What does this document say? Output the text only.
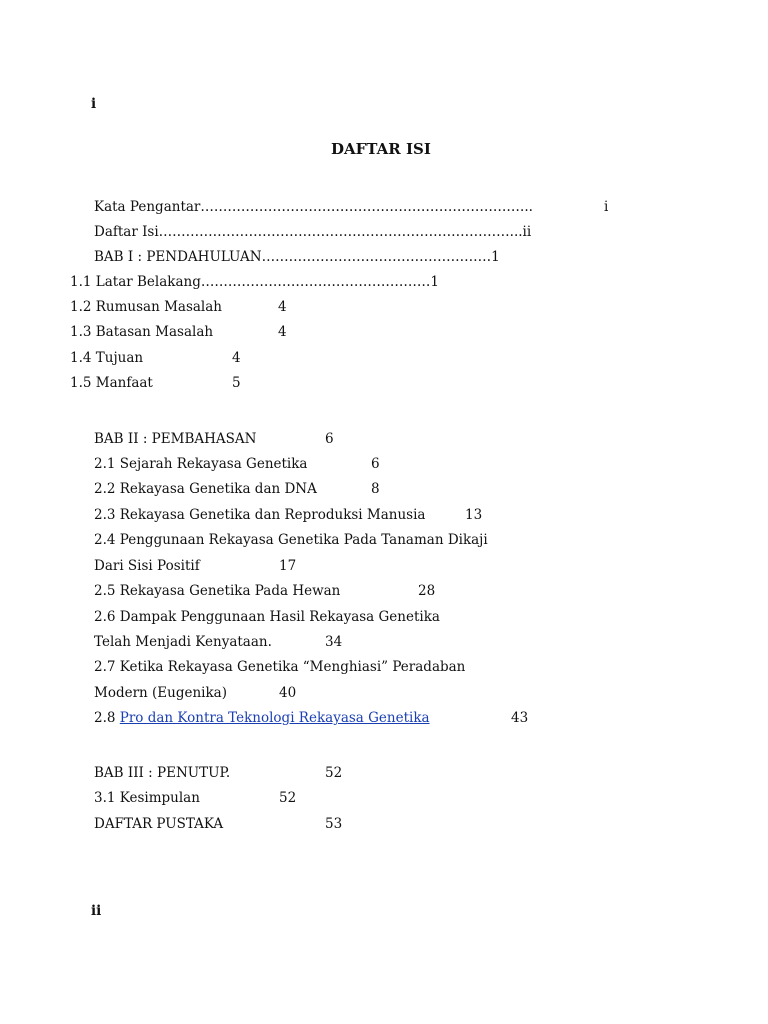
i
DAFTAR ISI
Kata Pengantar………………………………………………………………..	i
Daftar Isi……………………………………………………………………...ii
BAB I : PENDAHULUAN……………………………………………1
1.1 Latar Belakang……………………………………………1
1.2 Rumusan Masalah	4
1.3 Batasan Masalah	4
1.4 Tujuan	4
1.5 Manfaat	5
BAB II : PEMBAHASAN	6
2.1 Sejarah Rekayasa Genetika	6
2.2 Rekayasa Genetika dan DNA	8
2.3 Rekayasa Genetika dan Reproduksi Manusia	13
2.4 Penggunaan Rekayasa Genetika Pada Tanaman Dikaji
Dari Sisi Positif	17
2.5 Rekayasa Genetika Pada Hewan	28
2.6 Dampak Penggunaan Hasil Rekayasa Genetika
Telah Menjadi Kenyataan.	34
2.7 Ketika Rekayasa Genetika “Menghiasi” Peradaban
Modern (Eugenika)	40
2.8 Pro dan Kontra Teknologi Rekayasa Genetika	43
BAB III : PENUTUP.	52
3.1 Kesimpulan	52
DAFTAR PUSTAKA	53
ii
